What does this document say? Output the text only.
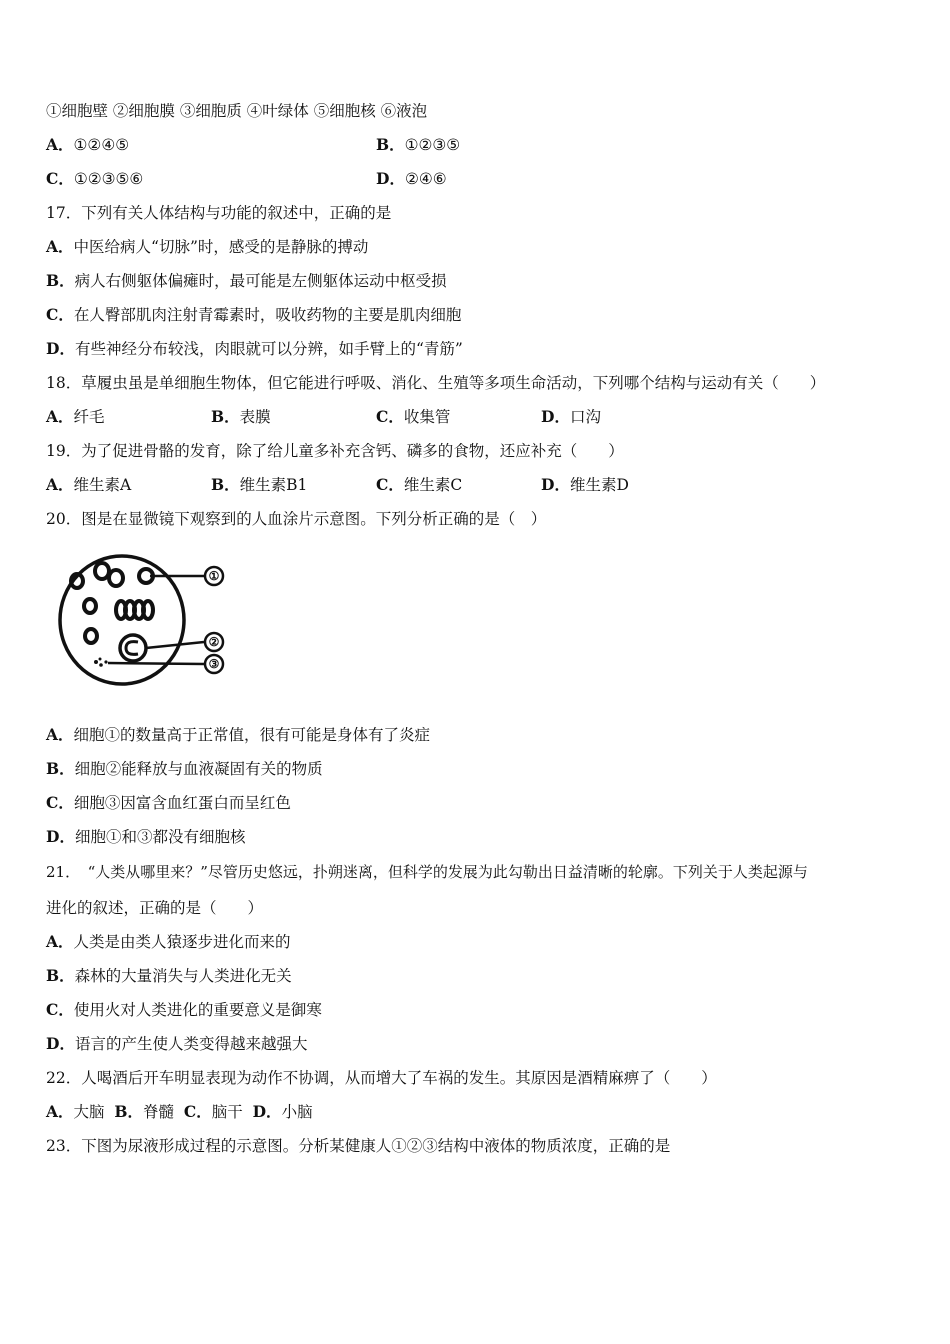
①细胞壁 ②细胞膜 ③细胞质 ④叶绿体 ⑤细胞核 ⑥液泡
A．①②④⑤	B．①②③⑤
C．①②③⑤⑥	D．②④⑥
17．下列有关人体结构与功能的叙述中，正确的是
A．中医给病人“切脉”时，感受的是静脉的搏动
B．病人右侧躯体偏瘫时，最可能是左侧躯体运动中枢受损
C．在人臀部肌肉注射青霉素时，吸收药物的主要是肌肉细胞
D．有些神经分布较浅，肉眼就可以分辨，如手臂上的“青筋”
18．草履虫虽是单细胞生物体，但它能进行呼吸、消化、生殖等多项生命活动，下列哪个结构与运动有关（　　）
A．纤毛	B．表膜	C．收集管	D．口沟
19．为了促进骨骼的发育，除了给儿童多补充含钙、磷多的食物，还应补充（　　）
A．维生素A	B．维生素B1	C．维生素C	D．维生素D
20．图是在显微镜下观察到的人血涂片示意图。下列分析正确的是（　）
①
②
③
A．细胞①的数量高于正常值，很有可能是身体有了炎症
B．细胞②能释放与血液凝固有关的物质
C．细胞③因富含血红蛋白而呈红色
D．细胞①和③都没有细胞核
21．　“人类从哪里来？”尽管历史悠远，扑朔迷离，但科学的发展为此勾勒出日益清晰的轮廓。下列关于人类起源与
进化的叙述，正确的是（　　）
A．人类是由类人猿逐步进化而来的
B．森林的大量消失与人类进化无关
C．使用火对人类进化的重要意义是御寒
D．语言的产生使人类变得越来越强大
22．人喝酒后开车明显表现为动作不协调，从而增大了车祸的发生。其原因是酒精麻痹了（　　）
A．大脑 B．脊髓 C．脑干 D．小脑
23．下图为尿液形成过程的示意图。分析某健康人①②③结构中液体的物质浓度，正确的是
